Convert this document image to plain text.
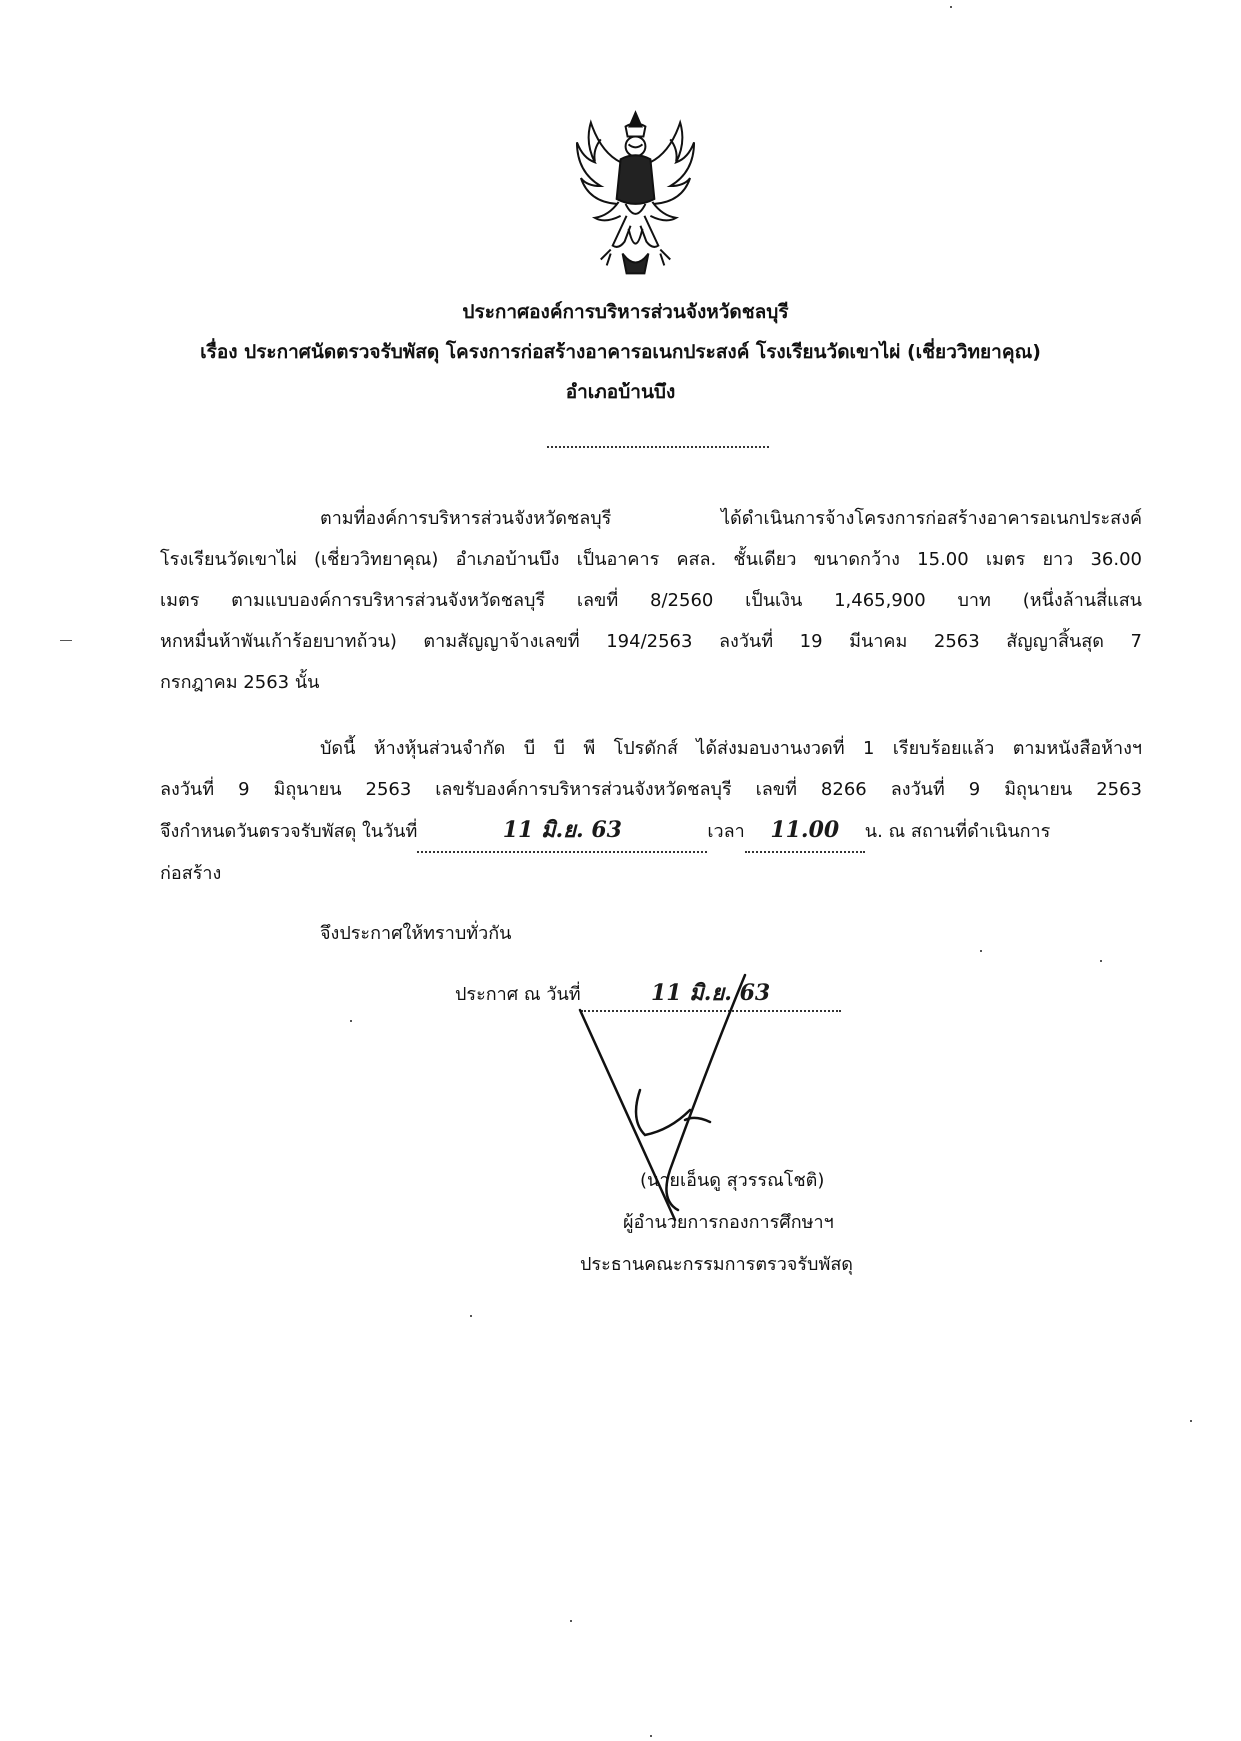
ประกาศองค์การบริหารส่วนจังหวัดชลบุรี
เรื่อง ประกาศนัดตรวจรับพัสดุ โครงการก่อสร้างอาคารอเนกประสงค์ โรงเรียนวัดเขาไผ่ (เชี่ยววิทยาคุณ)
อำเภอบ้านบึง
ตามที่องค์การบริหารส่วนจังหวัดชลบุรี ได้ดำเนินการจ้างโครงการก่อสร้างอาคารอเนกประสงค์
โรงเรียนวัดเขาไผ่ (เชี่ยววิทยาคุณ) อำเภอบ้านบึง เป็นอาคาร คสล. ชั้นเดียว ขนาดกว้าง 15.00 เมตร ยาว 36.00
เมตร ตามแบบองค์การบริหารส่วนจังหวัดชลบุรี เลขที่ 8/2560 เป็นเงิน 1,465,900 บาท (หนึ่งล้านสี่แสน
หกหมื่นห้าพันเก้าร้อยบาทถ้วน) ตามสัญญาจ้างเลขที่ 194/2563 ลงวันที่ 19 มีนาคม 2563 สัญญาสิ้นสุด 7
กรกฎาคม 2563 นั้น
บัดนี้ ห้างหุ้นส่วนจำกัด บี บี พี โปรดักส์ ได้ส่งมอบงานงวดที่ 1 เรียบร้อยแล้ว ตามหนังสือห้างฯ
ลงวันที่ 9 มิถุนายน 2563 เลขรับองค์การบริหารส่วนจังหวัดชลบุรี เลขที่ 8266 ลงวันที่ 9 มิถุนายน 2563
จึงกำหนดวันตรวจรับพัสดุ ในวันที่	11 มิ.ย. 63	เวลา 11.00 น. ณ สถานที่ดำเนินการ
ก่อสร้าง
จึงประกาศให้ทราบทั่วกัน
ประกาศ ณ วันที่	11 มิ.ย. 63
(นายเอ็นดู สุวรรณโชติ)
ผู้อำนวยการกองการศึกษาฯ
ประธานคณะกรรมการตรวจรับพัสดุ
